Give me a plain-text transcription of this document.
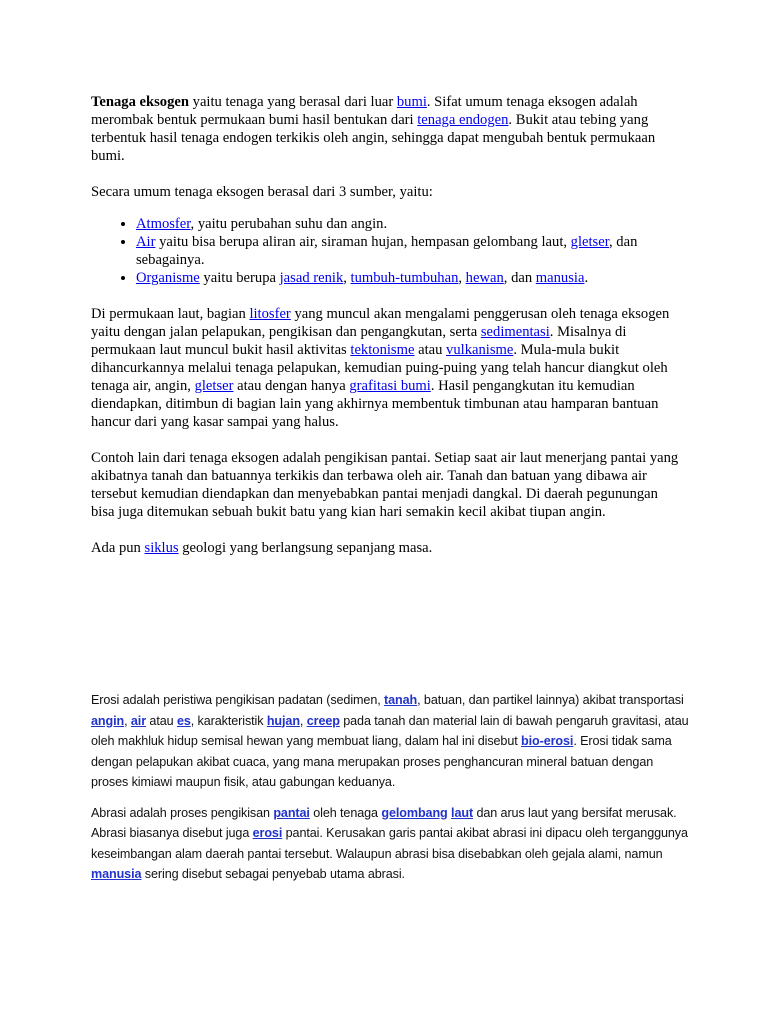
Tenaga eksogen yaitu tenaga yang berasal dari luar bumi. Sifat umum tenaga eksogen adalah merombak bentuk permukaan bumi hasil bentukan dari tenaga endogen. Bukit atau tebing yang terbentuk hasil tenaga endogen terkikis oleh angin, sehingga dapat mengubah bentuk permukaan bumi.

Secara umum tenaga eksogen berasal dari 3 sumber, yaitu:

• Atmosfer, yaitu perubahan suhu dan angin.
• Air yaitu bisa berupa aliran air, siraman hujan, hempasan gelombang laut, gletser, dan sebagainya.
• Organisme yaitu berupa jasad renik, tumbuh-tumbuhan, hewan, dan manusia.

Di permukaan laut, bagian litosfer yang muncul akan mengalami penggerusan oleh tenaga eksogen yaitu dengan jalan pelapukan, pengikisan dan pengangkutan, serta sedimentasi. Misalnya di permukaan laut muncul bukit hasil aktivitas tektonisme atau vulkanisme. Mula-mula bukit dihancurkannya melalui tenaga pelapukan, kemudian puing-puing yang telah hancur diangkut oleh tenaga air, angin, gletser atau dengan hanya grafitasi bumi. Hasil pengangkutan itu kemudian diendapkan, ditimbun di bagian lain yang akhirnya membentuk timbunan atau hamparan bantuan hancur dari yang kasar sampai yang halus.

Contoh lain dari tenaga eksogen adalah pengikisan pantai. Setiap saat air laut menerjang pantai yang akibatnya tanah dan batuannya terkikis dan terbawa oleh air. Tanah dan batuan yang dibawa air tersebut kemudian diendapkan dan menyebabkan pantai menjadi dangkal. Di daerah pegunungan bisa juga ditemukan sebuah bukit batu yang kian hari semakin kecil akibat tiupan angin.

Ada pun siklus geologi yang berlangsung sepanjang masa.

Erosi adalah peristiwa pengikisan padatan (sedimen, tanah, batuan, dan partikel lainnya) akibat transportasi angin, air atau es, karakteristik hujan, creep pada tanah dan material lain di bawah pengaruh gravitasi, atau oleh makhluk hidup semisal hewan yang membuat liang, dalam hal ini disebut bio-erosi. Erosi tidak sama dengan pelapukan akibat cuaca, yang mana merupakan proses penghancuran mineral batuan dengan proses kimiawi maupun fisik, atau gabungan keduanya.

Abrasi adalah proses pengikisan pantai oleh tenaga gelombang laut dan arus laut yang bersifat merusak. Abrasi biasanya disebut juga erosi pantai. Kerusakan garis pantai akibat abrasi ini dipacu oleh terganggunya keseimbangan alam daerah pantai tersebut. Walaupun abrasi bisa disebabkan oleh gejala alami, namun manusia sering disebut sebagai penyebab utama abrasi.
